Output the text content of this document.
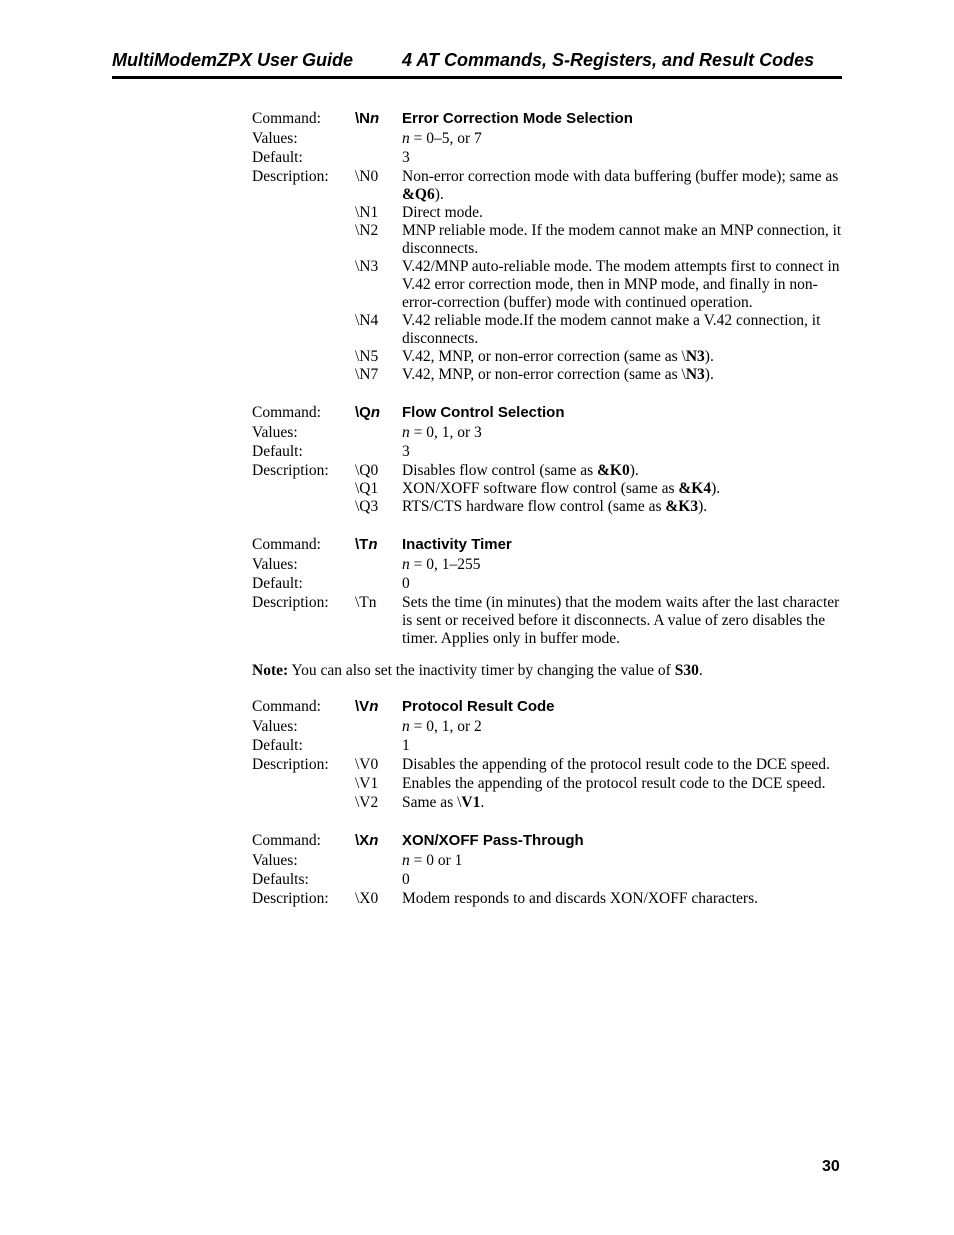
MultiModemZPX User Guide	4 AT Commands, S-Registers, and Result Codes
Command:	\Nn	Error Correction Mode Selection
Values:	n = 0–5, or 7
Default:	3
Description:	\N0	Non-error correction mode with data buffering (buffer mode); same as &Q6).
\N1	Direct mode.
\N2	MNP reliable mode. If the modem cannot make an MNP connection, it disconnects.
\N3	V.42/MNP auto-reliable mode. The modem attempts first to connect in V.42 error correction mode, then in MNP mode, and finally in non-error-correction (buffer) mode with continued operation.
\N4	V.42 reliable mode.If the modem cannot make a V.42 connection, it disconnects.
\N5	V.42, MNP, or non-error correction (same as \N3).
\N7	V.42, MNP, or non-error correction (same as \N3).
Command:	\Qn	Flow Control Selection
Values:	n = 0, 1, or 3
Default:	3
Description:	\Q0	Disables flow control (same as &K0).
\Q1	XON/XOFF software flow control (same as &K4).
\Q3	RTS/CTS hardware flow control (same as &K3).
Command:	\Tn	Inactivity Timer
Values:	n = 0, 1–255
Default:	0
Description:	\Tn	Sets the time (in minutes) that the modem waits after the last character is sent or received before it disconnects. A value of zero disables the timer. Applies only in buffer mode.
Note: You can also set the inactivity timer by changing the value of S30.
Command:	\Vn	Protocol Result Code
Values:	n = 0, 1, or 2
Default:	1
Description:	\V0	Disables the appending of the protocol result code to the DCE speed.
\V1	Enables the appending of the protocol result code to the DCE speed.
\V2	Same as \V1.
Command:	\Xn	XON/XOFF Pass-Through
Values:	n = 0 or 1
Defaults:	0
Description:	\X0	Modem responds to and discards XON/XOFF characters.
30
